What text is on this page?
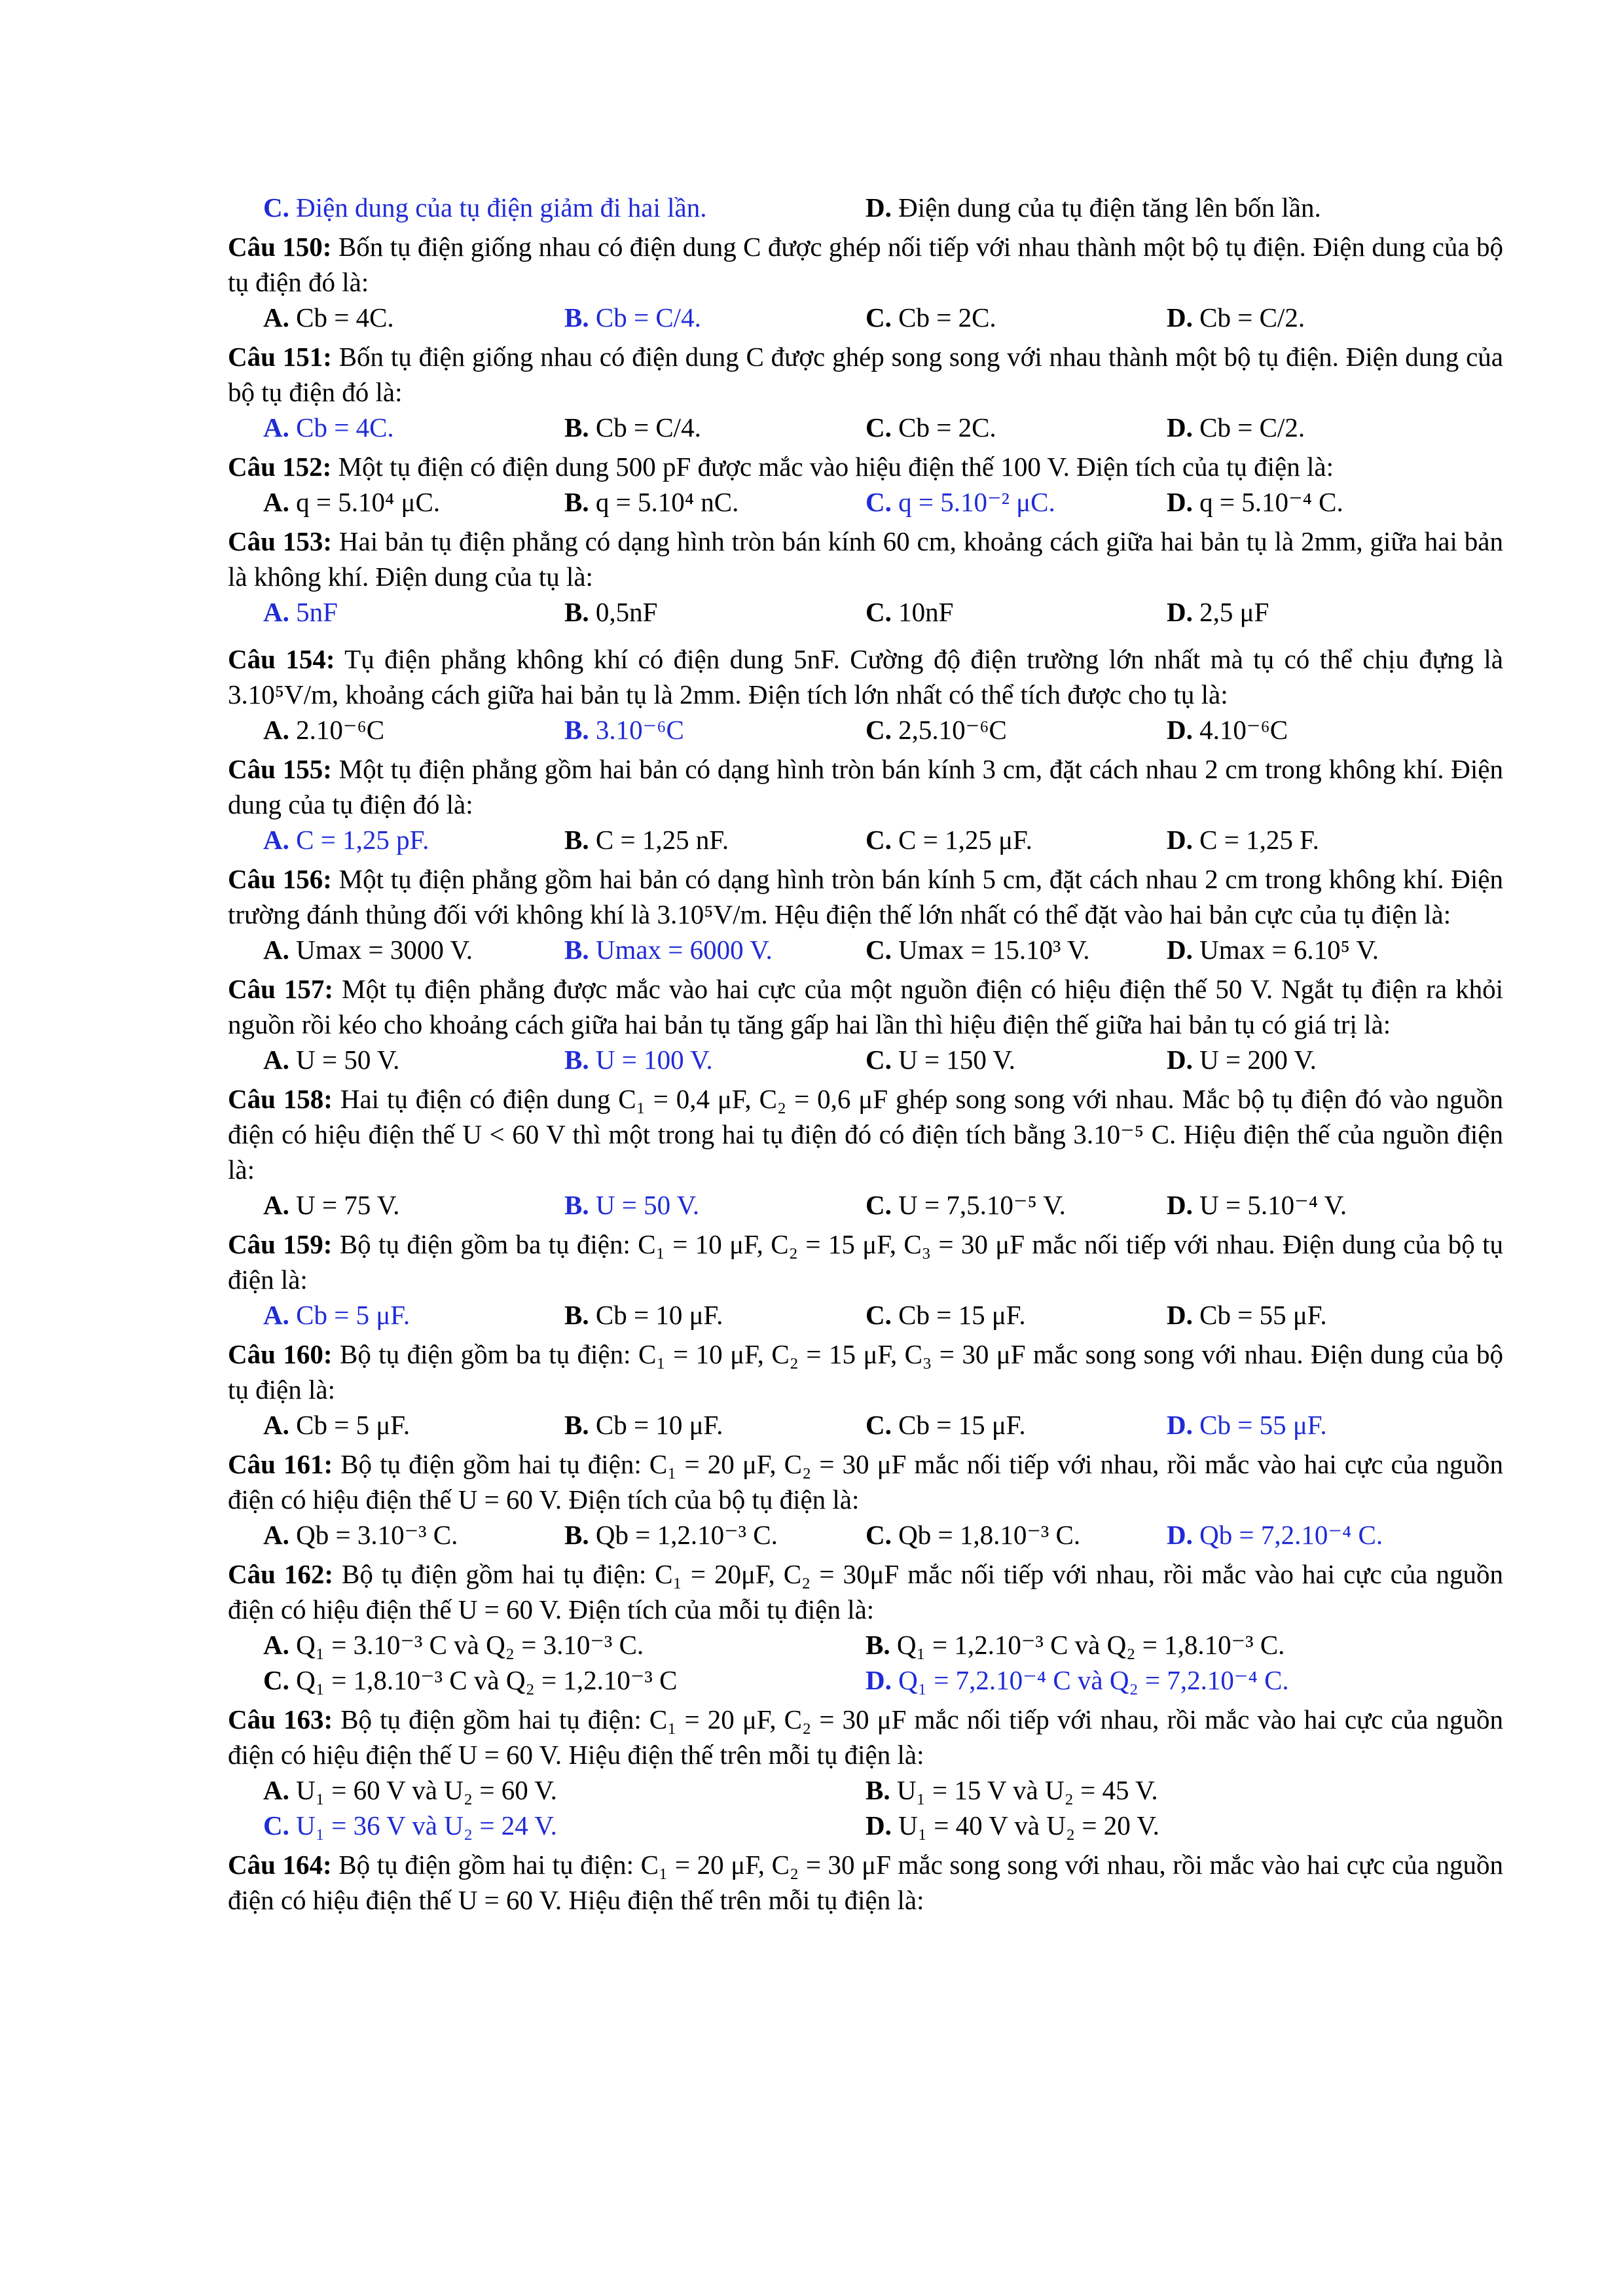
C. Điện dung của tụ điện giảm đi hai lần.	D. Điện dung của tụ điện tăng lên bốn lần.

Câu 150: Bốn tụ điện giống nhau có điện dung C được ghép nối tiếp với nhau thành một bộ tụ điện. Điện dung của bộ tụ điện đó là:

A. Cb = 4C.	B. Cb = C/4.	C. Cb = 2C.	D. Cb = C/2.

Câu 151: Bốn tụ điện giống nhau có điện dung C được ghép song song với nhau thành một bộ tụ điện. Điện dung của bộ tụ điện đó là:

A. Cb = 4C.	B. Cb = C/4.	C. Cb = 2C.	D. Cb = C/2.

Câu 152: Một tụ điện có điện dung 500 pF được mắc vào hiệu điện thế 100 V. Điện tích của tụ điện là:

A. q = 5.10⁴ μC.	B. q = 5.10⁴ nC.	C. q = 5.10⁻² μC.	D. q = 5.10⁻⁴ C.

Câu 153: Hai bản tụ điện phẳng có dạng hình tròn bán kính 60 cm, khoảng cách giữa hai bản tụ là 2mm, giữa hai bản là không khí. Điện dung của tụ là:

A. 5nF	B. 0,5nF	C. 10nF	D. 2,5 μF

Câu 154: Tụ điện phẳng không khí có điện dung 5nF. Cường độ điện trường lớn nhất mà tụ có thể chịu đựng là 3.10⁵V/m, khoảng cách giữa hai bản tụ là 2mm. Điện tích lớn nhất có thể tích được cho tụ là:

A. 2.10⁻⁶C	B. 3.10⁻⁶C	C. 2,5.10⁻⁶C	D. 4.10⁻⁶C

Câu 155: Một tụ điện phẳng gồm hai bản có dạng hình tròn bán kính 3 cm, đặt cách nhau 2 cm trong không khí. Điện dung của tụ điện đó là:

A. C = 1,25 pF.	B. C = 1,25 nF.	C. C = 1,25 μF.	D. C = 1,25 F.

Câu 156: Một tụ điện phẳng gồm hai bản có dạng hình tròn bán kính 5 cm, đặt cách nhau 2 cm trong không khí. Điện trường đánh thủng đối với không khí là 3.10⁵V/m. Hệu điện thế lớn nhất có thể đặt vào hai bản cực của tụ điện là:

A. Umax = 3000 V.	B. Umax = 6000 V.	C. Umax = 15.10³ V.	D. Umax = 6.10⁵ V.

Câu 157: Một tụ điện phẳng được mắc vào hai cực của một nguồn điện có hiệu điện thế 50 V. Ngắt tụ điện ra khỏi nguồn rồi kéo cho khoảng cách giữa hai bản tụ tăng gấp hai lần thì hiệu điện thế giữa hai bản tụ có giá trị là:

A. U = 50 V.	B. U = 100 V.	C. U = 150 V.	D. U = 200 V.

Câu 158: Hai tụ điện có điện dung C₁ = 0,4 μF, C₂ = 0,6 μF ghép song song với nhau. Mắc bộ tụ điện đó vào nguồn điện có hiệu điện thế U < 60 V thì một trong hai tụ điện đó có điện tích bằng 3.10⁻⁵ C. Hiệu điện thế của nguồn điện là:

A. U = 75 V.	B. U = 50 V.	C. U = 7,5.10⁻⁵ V.	D. U = 5.10⁻⁴ V.

Câu 159: Bộ tụ điện gồm ba tụ điện: C₁ = 10 μF, C₂ = 15 μF, C₃ = 30 μF mắc nối tiếp với nhau. Điện dung của bộ tụ điện là:

A. Cb = 5 μF.	B. Cb = 10 μF.	C. Cb = 15 μF.	D. Cb = 55 μF.

Câu 160: Bộ tụ điện gồm ba tụ điện: C₁ = 10 μF, C₂ = 15 μF, C₃ = 30 μF mắc song song với nhau. Điện dung của bộ tụ điện là:

A. Cb = 5 μF.	B. Cb = 10 μF.	C. Cb = 15 μF.	D. Cb = 55 μF.

Câu 161: Bộ tụ điện gồm hai tụ điện: C₁ = 20 μF, C₂ = 30 μF mắc nối tiếp với nhau, rồi mắc vào hai cực của nguồn điện có hiệu điện thế U = 60 V. Điện tích của bộ tụ điện là:

A. Qb = 3.10⁻³ C.	B. Qb = 1,2.10⁻³ C.	C. Qb = 1,8.10⁻³ C.	D. Qb = 7,2.10⁻⁴ C.

Câu 162: Bộ tụ điện gồm hai tụ điện: C₁ = 20μF, C₂ = 30μF mắc nối tiếp với nhau, rồi mắc vào hai cực của nguồn điện có hiệu điện thế U = 60 V. Điện tích của mỗi tụ điện là:

A. Q₁ = 3.10⁻³ C và Q₂ = 3.10⁻³ C.	B. Q₁ = 1,2.10⁻³ C và Q₂ = 1,8.10⁻³ C.
C. Q₁ = 1,8.10⁻³ C và Q₂ = 1,2.10⁻³ C	D. Q₁ = 7,2.10⁻⁴ C và Q₂ = 7,2.10⁻⁴ C.

Câu 163: Bộ tụ điện gồm hai tụ điện: C₁ = 20 μF, C₂ = 30 μF mắc nối tiếp với nhau, rồi mắc vào hai cực của nguồn điện có hiệu điện thế U = 60 V. Hiệu điện thế trên mỗi tụ điện là:

A. U₁ = 60 V và U₂ = 60 V.	B. U₁ = 15 V và U₂ = 45 V.
C. U₁ = 36 V và U₂ = 24 V.	D. U₁ = 40 V và U₂ = 20 V.

Câu 164: Bộ tụ điện gồm hai tụ điện: C₁ = 20 μF, C₂ = 30 μF mắc song song với nhau, rồi mắc vào hai cực của nguồn điện có hiệu điện thế U = 60 V. Hiệu điện thế trên mỗi tụ điện là:
